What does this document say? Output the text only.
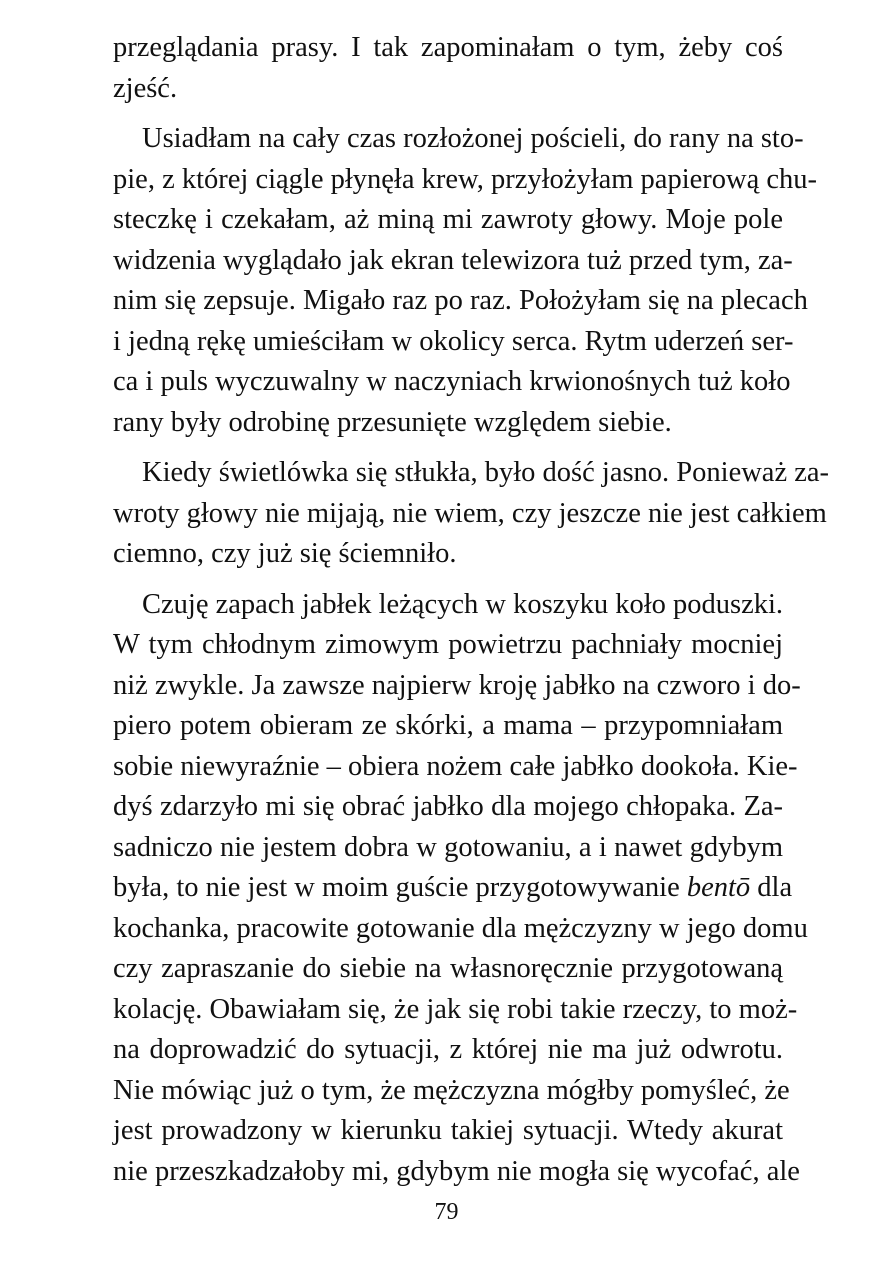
przeglądania prasy. I tak zapominałam o tym, żeby coś
zjeść.
Usiadłam na cały czas rozłożonej pościeli, do rany na sto-
pie, z której ciągle płynęła krew, przyłożyłam papierową chu-
steczkę i czekałam, aż miną mi zawroty głowy. Moje pole
widzenia wyglądało jak ekran telewizora tuż przed tym, za-
nim się zepsuje. Migało raz po raz. Położyłam się na plecach
i jedną rękę umieściłam w okolicy serca. Rytm uderzeń ser-
ca i puls wyczuwalny w naczyniach krwionośnych tuż koło
rany były odrobinę przesunięte względem siebie.
Kiedy świetlówka się stłukła, było dość jasno. Ponieważ za-
wroty głowy nie mijają, nie wiem, czy jeszcze nie jest całkiem
ciemno, czy już się ściemniło.
Czuję zapach jabłek leżących w koszyku koło poduszki.
W tym chłodnym zimowym powietrzu pachniały mocniej
niż zwykle. Ja zawsze najpierw kroję jabłko na czworo i do-
piero potem obieram ze skórki, a mama – przypomniałam
sobie niewyraźnie – obiera nożem całe jabłko dookoła. Kie-
dyś zdarzyło mi się obrać jabłko dla mojego chłopaka. Za-
sadniczo nie jestem dobra w gotowaniu, a i nawet gdybym
była, to nie jest w moim guście przygotowywanie bentō dla
kochanka, pracowite gotowanie dla mężczyzny w jego domu
czy zapraszanie do siebie na własnoręcznie przygotowaną
kolację. Obawiałam się, że jak się robi takie rzeczy, to moż-
na doprowadzić do sytuacji, z której nie ma już odwrotu.
Nie mówiąc już o tym, że mężczyzna mógłby pomyśleć, że
jest prowadzony w kierunku takiej sytuacji. Wtedy akurat
nie przeszkadzałoby mi, gdybym nie mogła się wycofać, ale
79
